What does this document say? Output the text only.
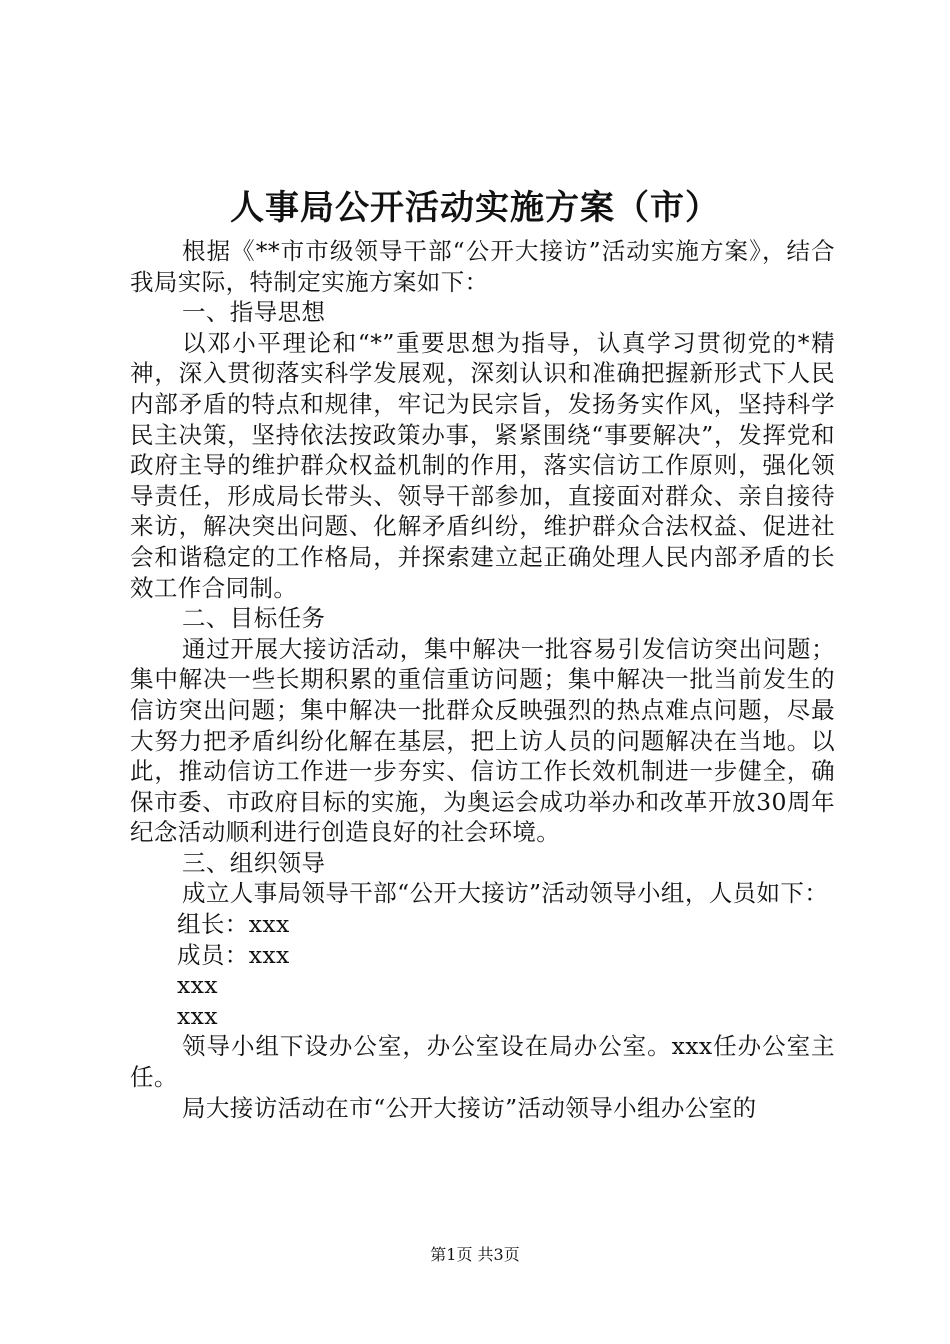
人事局公开活动实施方案（市）

根据《**市市级领导干部“公开大接访”活动实施方案》，结合我局实际，特制定实施方案如下：

一、指导思想

以邓小平理论和“*”重要思想为指导，认真学习贯彻党的*精神，深入贯彻落实科学发展观，深刻认识和准确把握新形式下人民内部矛盾的特点和规律，牢记为民宗旨，发扬务实作风，坚持科学民主决策，坚持依法按政策办事，紧紧围绕“事要解决”，发挥党和政府主导的维护群众权益机制的作用，落实信访工作原则，强化领导责任，形成局长带头、领导干部参加，直接面对群众、亲自接待来访，解决突出问题、化解矛盾纠纷，维护群众合法权益、促进社会和谐稳定的工作格局，并探索建立起正确处理人民内部矛盾的长效工作合同制。

二、目标任务

通过开展大接访活动，集中解决一批容易引发信访突出问题；集中解决一些长期积累的重信重访问题；集中解决一批当前发生的信访突出问题；集中解决一批群众反映强烈的热点难点问题，尽最大努力把矛盾纠纷化解在基层，把上访人员的问题解决在当地。以此，推动信访工作进一步夯实、信访工作长效机制进一步健全，确保市委、市政府目标的实施，为奥运会成功举办和改革开放30周年纪念活动顺利进行创造良好的社会环境。

三、组织领导

成立人事局领导干部“公开大接访”活动领导小组，人员如下：

组长：xxx

成员：xxx

xxx

xxx

领导小组下设办公室，办公室设在局办公室。xxx任办公室主任。

局大接访活动在市“公开大接访”活动领导小组办公室的

第1页 共3页
